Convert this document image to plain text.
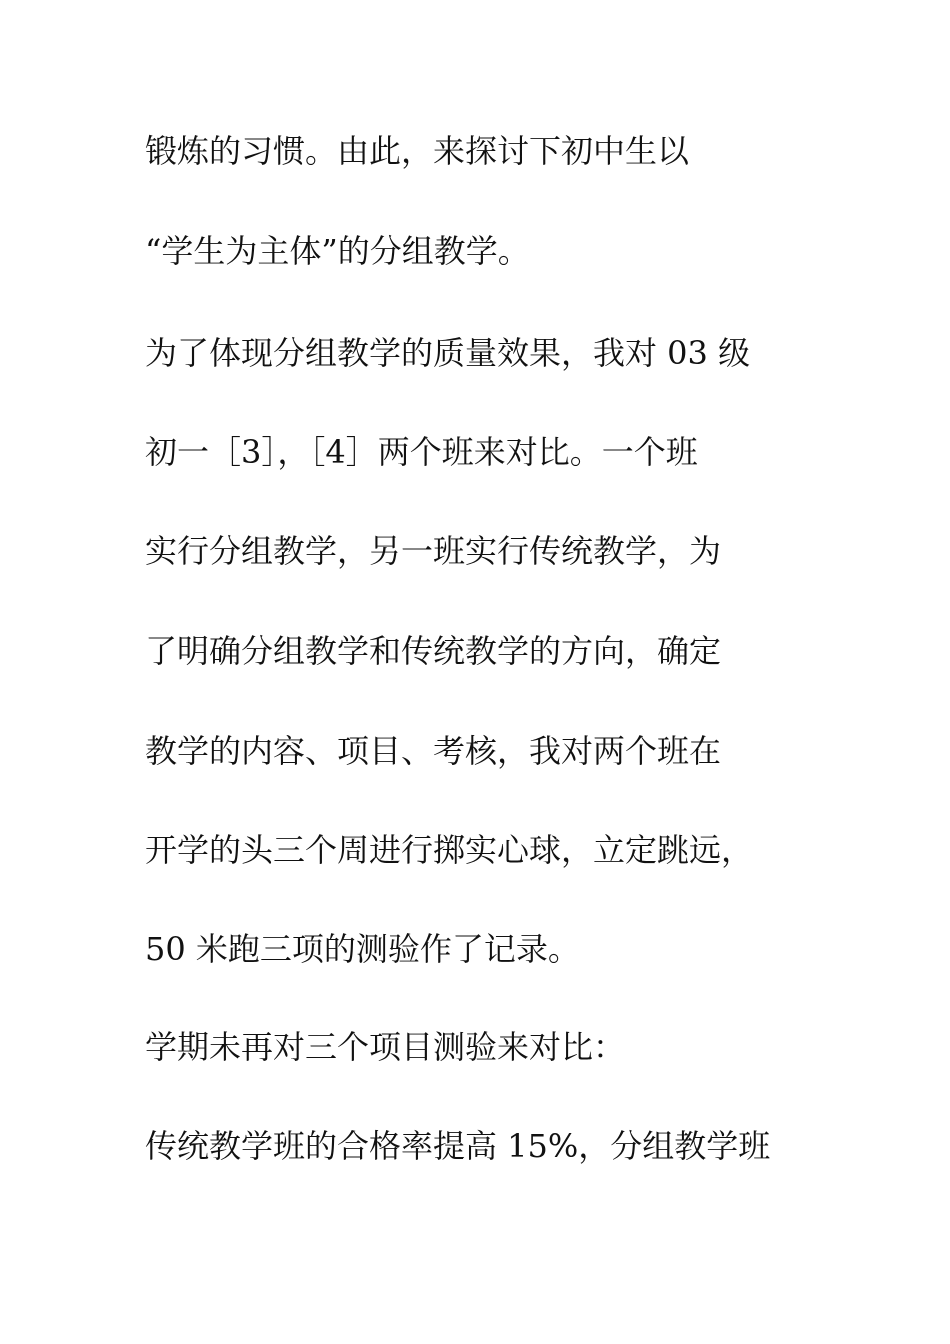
锻炼的习惯。由此，来探讨下初中生以
“学生为主体”的分组教学。
为了体现分组教学的质量效果，我对 03 级
初一［3］，［4］两个班来对比。一个班
实行分组教学，另一班实行传统教学，为
了明确分组教学和传统教学的方向，确定
教学的内容、项目、考核，我对两个班在
开学的头三个周进行掷实心球，立定跳远，
50 米跑三项的测验作了记录。
学期未再对三个项目测验来对比：
传统教学班的合格率提高 15%，分组教学班
